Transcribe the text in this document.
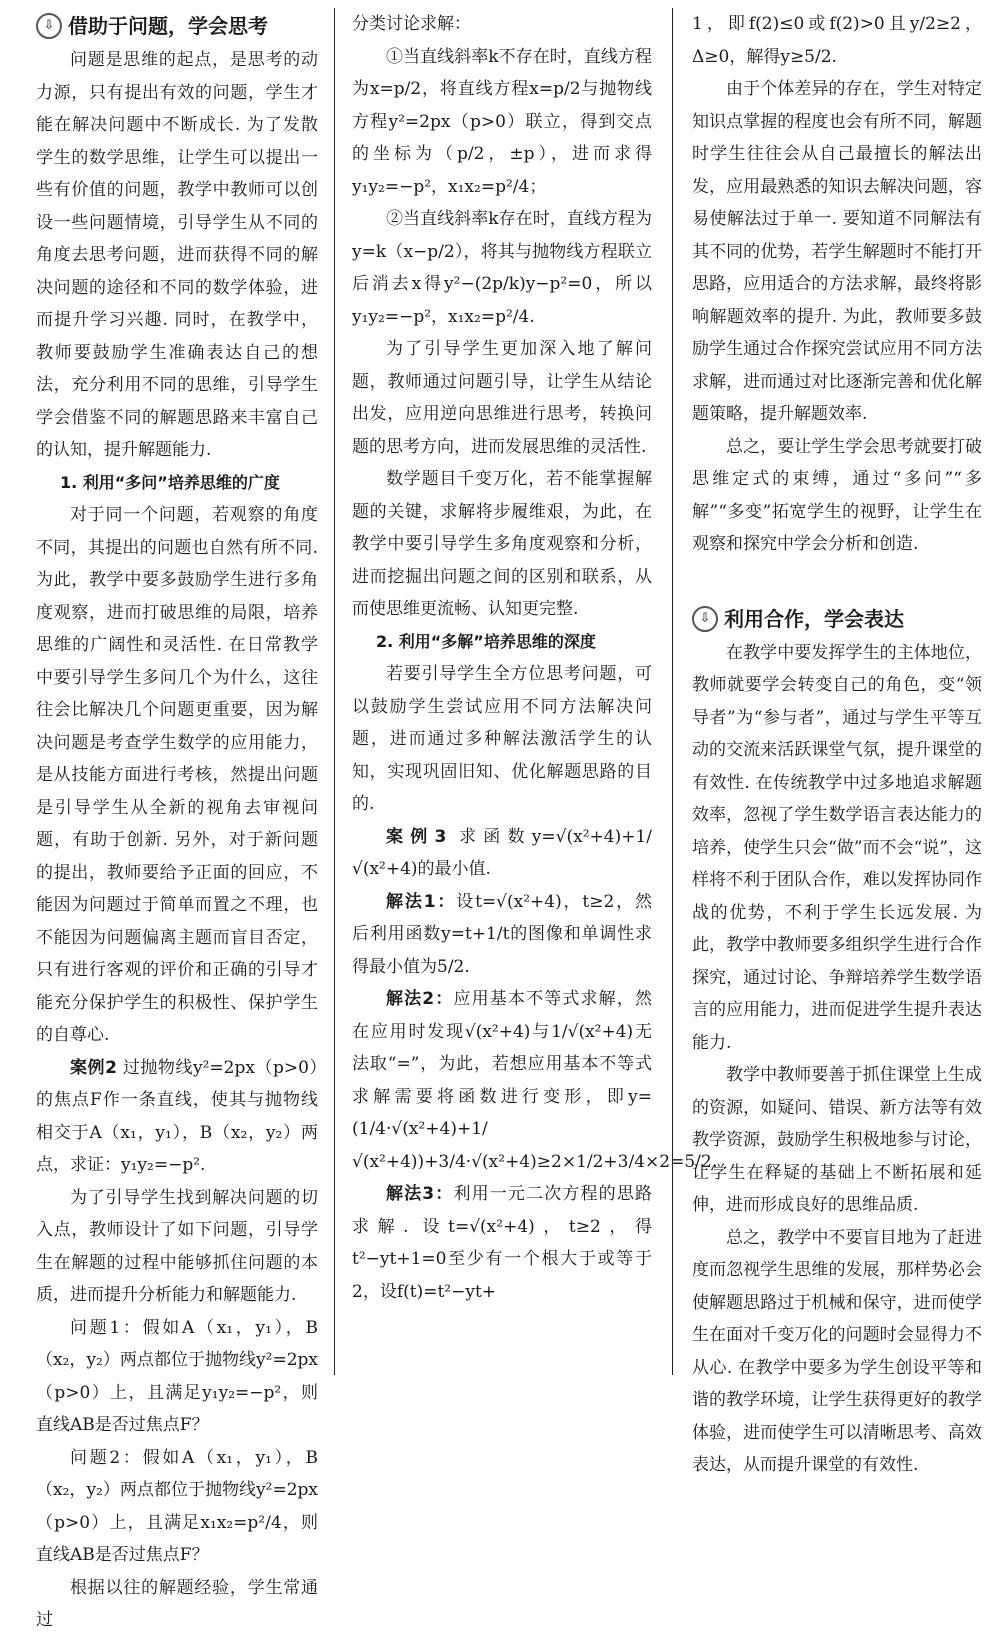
⇩ 借助于问题，学会思考

问题是思维的起点，是思考的动力源，只有提出有效的问题，学生才能在解决问题中不断成长. 为了发散学生的数学思维，让学生可以提出一些有价值的问题，教学中教师可以创设一些问题情境，引导学生从不同的角度去思考问题，进而获得不同的解决问题的途径和不同的数学体验，进而提升学习兴趣. 同时，在教学中，教师要鼓励学生准确表达自己的想法，充分利用不同的思维，引导学生学会借鉴不同的解题思路来丰富自己的认知，提升解题能力.

1. 利用“多问”培养思维的广度

对于同一个问题，若观察的角度不同，其提出的问题也自然有所不同. 为此，教学中要多鼓励学生进行多角度观察，进而打破思维的局限，培养思维的广阔性和灵活性. 在日常教学中要引导学生多问几个为什么，这往往会比解决几个问题更重要，因为解决问题是考查学生数学的应用能力，是从技能方面进行考核，然提出问题是引导学生从全新的视角去审视问题，有助于创新. 另外，对于新问题的提出，教师要给予正面的回应，不能因为问题过于简单而置之不理，也不能因为问题偏离主题而盲目否定，只有进行客观的评价和正确的引导才能充分保护学生的积极性、保护学生的自尊心.

案例2 过抛物线y²=2px（p>0）的焦点F作一条直线，使其与抛物线相交于A（x₁，y₁），B（x₂，y₂）两点，求证：y₁y₂=−p².

为了引导学生找到解决问题的切入点，教师设计了如下问题，引导学生在解题的过程中能够抓住问题的本质，进而提升分析能力和解题能力.

问题1：假如A（x₁，y₁），B（x₂，y₂）两点都位于抛物线y²=2px（p>0）上，且满足y₁y₂=−p²，则直线AB是否过焦点F？

问题2：假如A（x₁，y₁），B（x₂，y₂）两点都位于抛物线y²=2px（p>0）上，且满足x₁x₂=p²/4，则直线AB是否过焦点F？

根据以往的解题经验，学生常通过

分类讨论求解：

①当直线斜率k不存在时，直线方程为x=p/2，将直线方程x=p/2与抛物线方程y²=2px（p>0）联立，得到交点的坐标为（p/2，±p），进而求得y₁y₂=−p²，x₁x₂=p²/4；

②当直线斜率k存在时，直线方程为y=k（x−p/2），将其与抛物线方程联立后消去x得y²−(2p/k)y−p²=0，所以y₁y₂=−p²，x₁x₂=p²/4.

为了引导学生更加深入地了解问题，教师通过问题引导，让学生从结论出发，应用逆向思维进行思考，转换问题的思考方向，进而发展思维的灵活性.

数学题目千变万化，若不能掌握解题的关键，求解将步履维艰，为此，在教学中要引导学生多角度观察和分析，进而挖掘出问题之间的区别和联系，从而使思维更流畅、认知更完整.

2. 利用“多解”培养思维的深度

若要引导学生全方位思考问题，可以鼓励学生尝试应用不同方法解决问题，进而通过多种解法激活学生的认知，实现巩固旧知、优化解题思路的目的.

案例3 求函数y=√(x²+4)+1/√(x²+4)的最小值.

解法1：设t=√(x²+4)，t≥2，然后利用函数y=t+1/t的图像和单调性求得最小值为5/2.

解法2：应用基本不等式求解，然在应用时发现√(x²+4)与1/√(x²+4)无法取“=”，为此，若想应用基本不等式求解需要将函数进行变形，即y=(1/4·√(x²+4)+1/√(x²+4))+3/4·√(x²+4)≥2×1/2+3/4×2=5/2.

解法3：利用一元二次方程的思路求解. 设t=√(x²+4)，t≥2，得t²−yt+1=0至少有一个根大于或等于2，设f(t)=t²−yt+

1，即f(2)≤0或f(2)>0且y/2≥2，Δ≥0，解得y≥5/2.

由于个体差异的存在，学生对特定知识点掌握的程度也会有所不同，解题时学生往往会从自己最擅长的解法出发，应用最熟悉的知识去解决问题，容易使解法过于单一. 要知道不同解法有其不同的优势，若学生解题时不能打开思路，应用适合的方法求解，最终将影响解题效率的提升. 为此，教师要多鼓励学生通过合作探究尝试应用不同方法求解，进而通过对比逐渐完善和优化解题策略，提升解题效率.

总之，要让学生学会思考就要打破思维定式的束缚，通过“多问”“多解”“多变”拓宽学生的视野，让学生在观察和探究中学会分析和创造.

⇩ 利用合作，学会表达

在教学中要发挥学生的主体地位，教师就要学会转变自己的角色，变“领导者”为“参与者”，通过与学生平等互动的交流来活跃课堂气氛，提升课堂的有效性. 在传统教学中过多地追求解题效率，忽视了学生数学语言表达能力的培养，使学生只会“做”而不会“说”，这样将不利于团队合作，难以发挥协同作战的优势，不利于学生长远发展. 为此，教学中教师要多组织学生进行合作探究，通过讨论、争辩培养学生数学语言的应用能力，进而促进学生提升表达能力.

教学中教师要善于抓住课堂上生成的资源，如疑问、错误、新方法等有效教学资源，鼓励学生积极地参与讨论，让学生在释疑的基础上不断拓展和延伸，进而形成良好的思维品质.

总之，教学中不要盲目地为了赶进度而忽视学生思维的发展，那样势必会使解题思路过于机械和保守，进而使学生在面对千变万化的问题时会显得力不从心. 在教学中要多为学生创设平等和谐的教学环境，让学生获得更好的教学体验，进而使学生可以清晰思考、高效表达，从而提升课堂的有效性.
